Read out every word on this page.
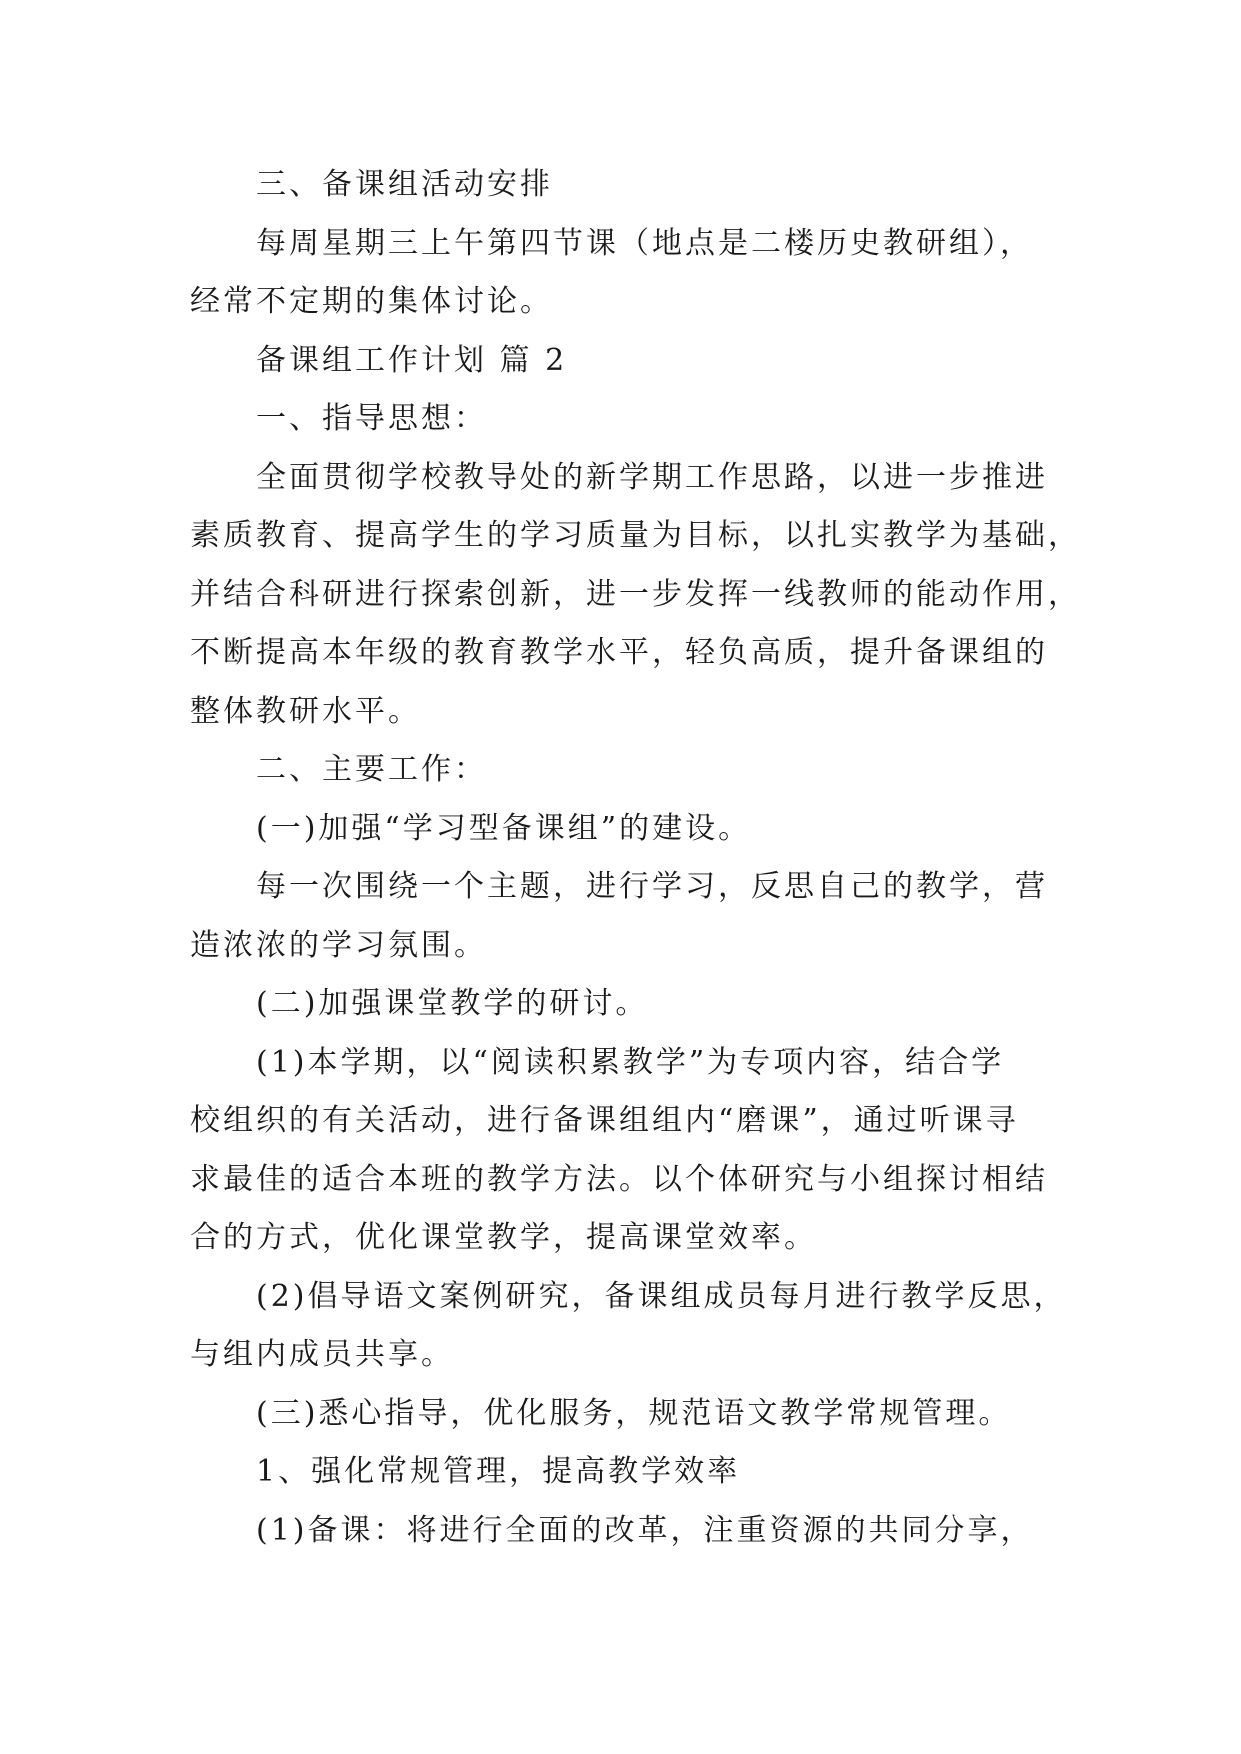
三、备课组活动安排
每周星期三上午第四节课（地点是二楼历史教研组），
经常不定期的集体讨论。
备课组工作计划 篇 2
一、指导思想：
全面贯彻学校教导处的新学期工作思路，以进一步推进
素质教育、提高学生的学习质量为目标，以扎实教学为基础，
并结合科研进行探索创新，进一步发挥一线教师的能动作用，
不断提高本年级的教育教学水平，轻负高质，提升备课组的
整体教研水平。
二、主要工作：
(一)加强“学习型备课组”的建设。
每一次围绕一个主题，进行学习，反思自己的教学，营
造浓浓的学习氛围。
(二)加强课堂教学的研讨。
(1)本学期，以“阅读积累教学”为专项内容，结合学
校组织的有关活动，进行备课组组内“磨课”，通过听课寻
求最佳的适合本班的教学方法。以个体研究与小组探讨相结
合的方式，优化课堂教学，提高课堂效率。
(2)倡导语文案例研究，备课组成员每月进行教学反思，
与组内成员共享。
(三)悉心指导，优化服务，规范语文教学常规管理。
1、强化常规管理，提高教学效率
(1)备课：将进行全面的改革，注重资源的共同分享，
